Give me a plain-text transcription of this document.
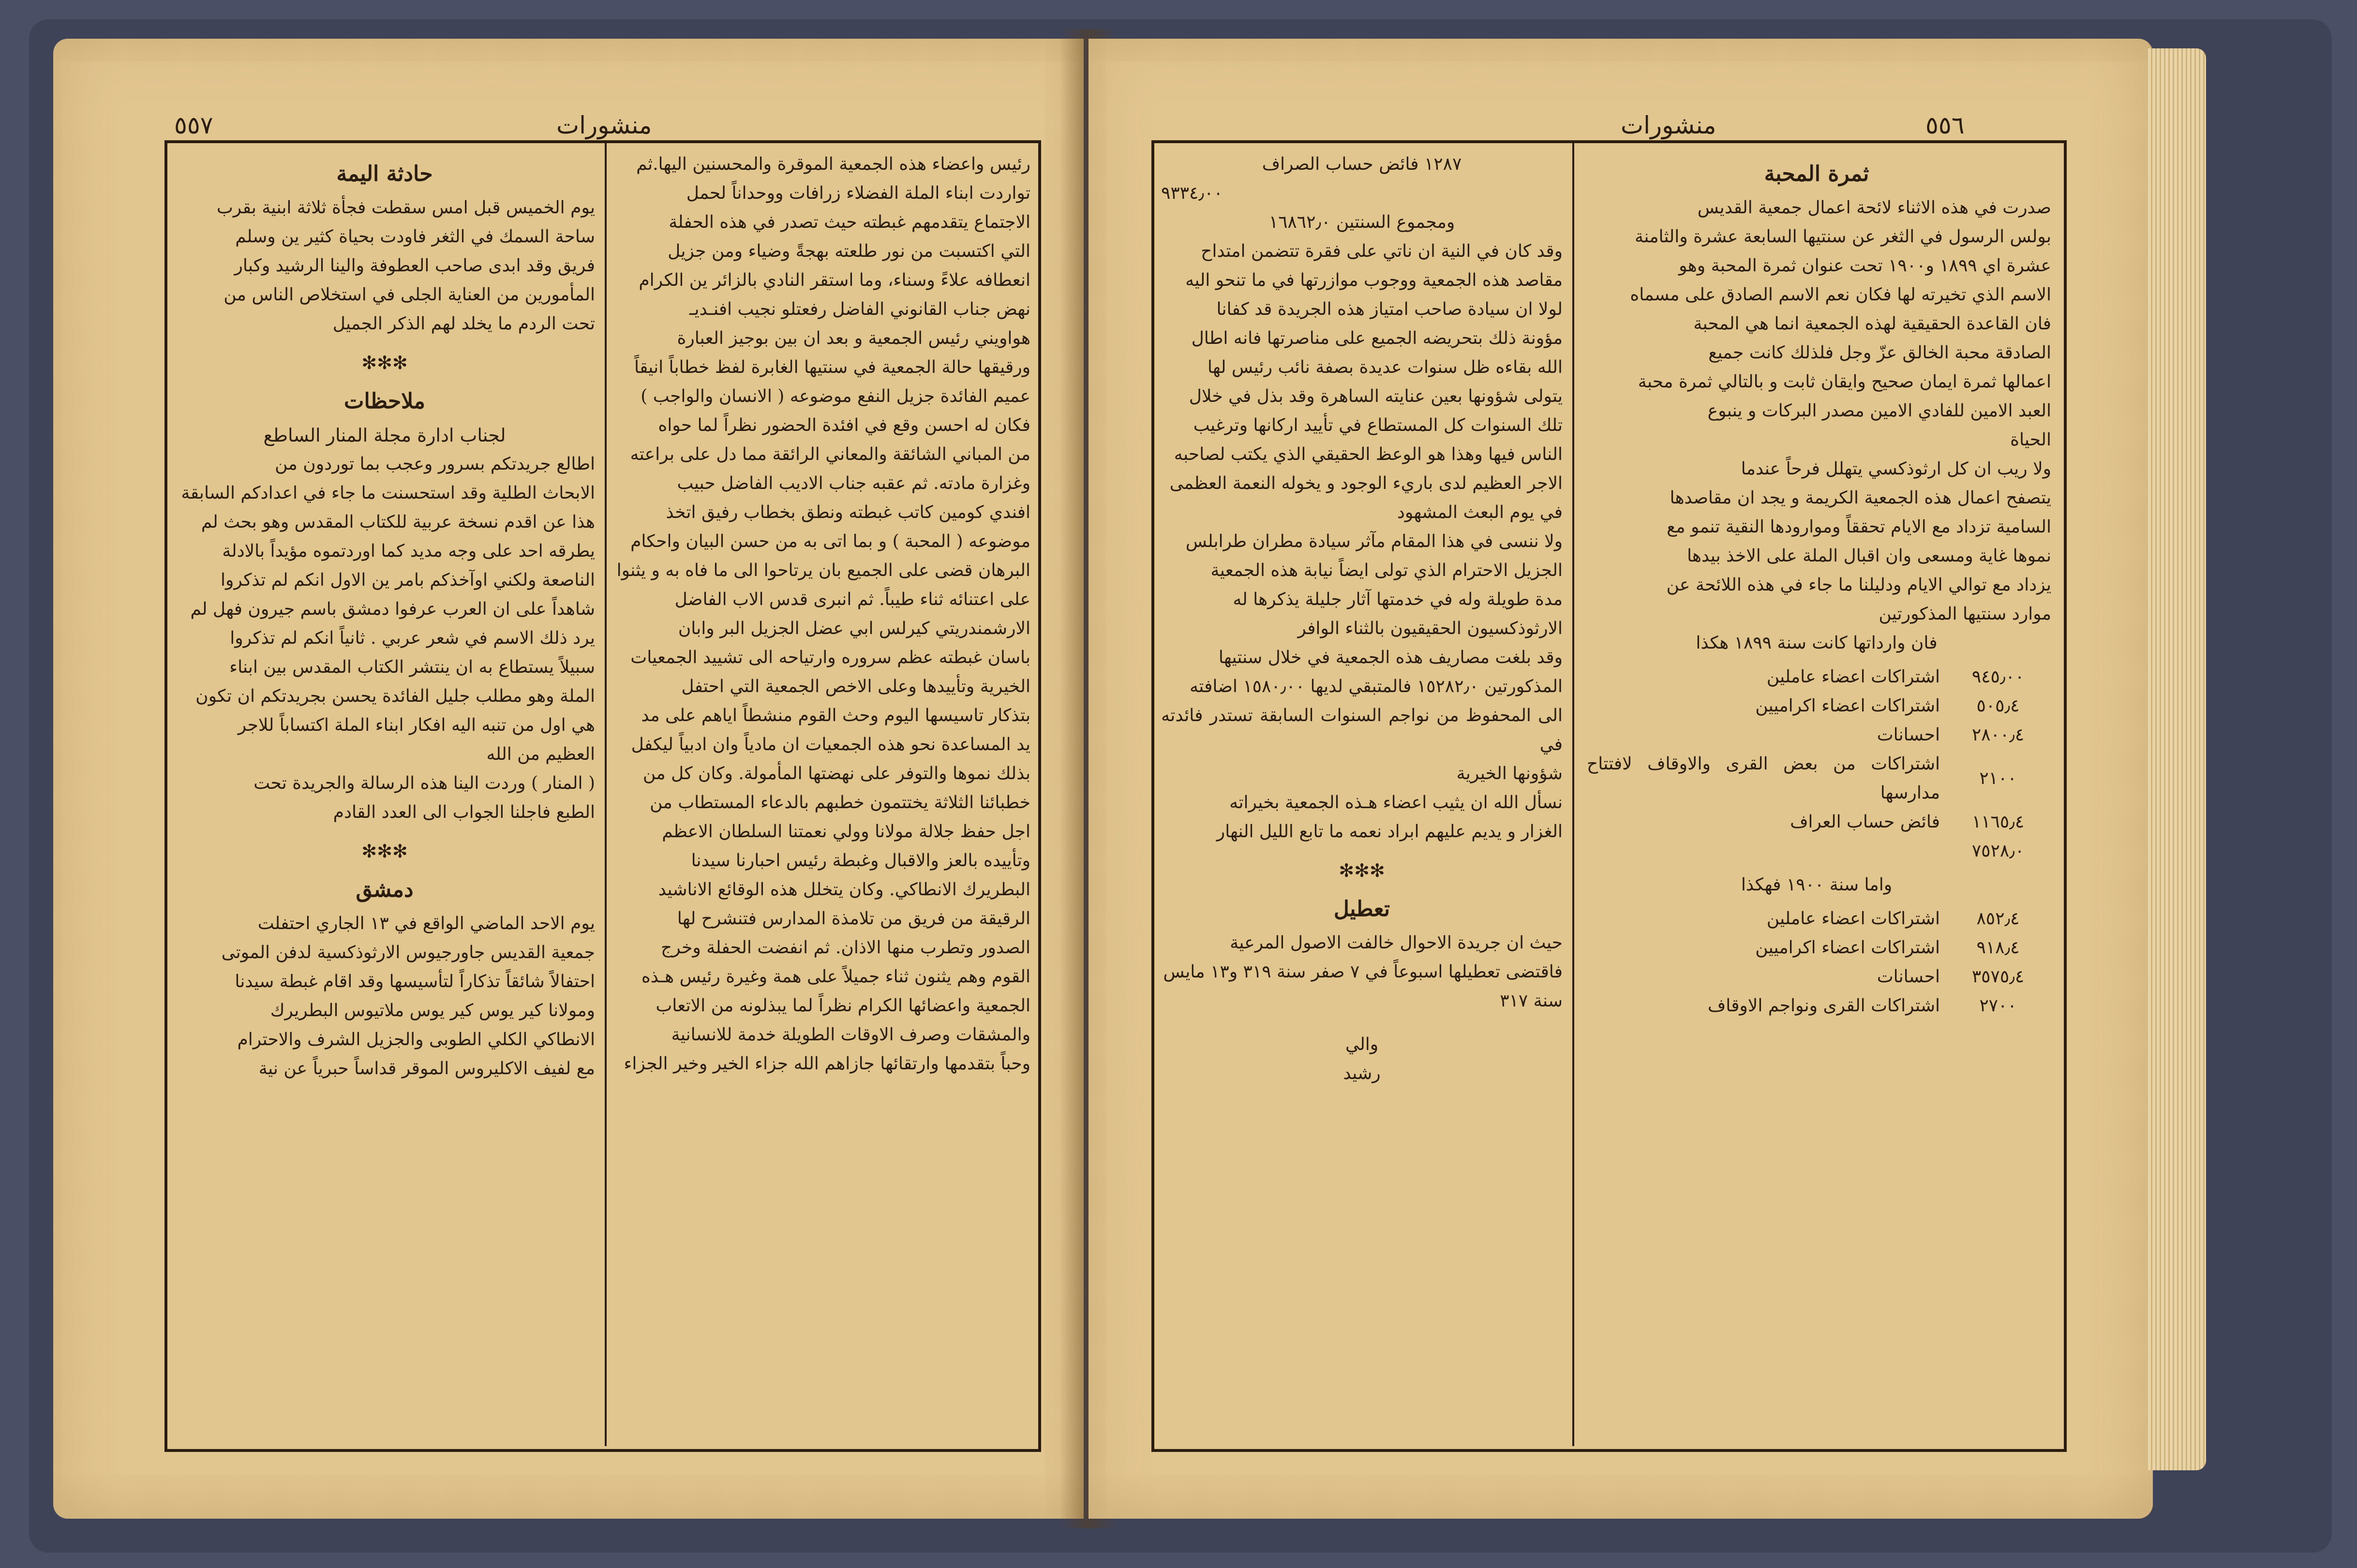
٥٥٧	منشورات

رئيس واعضاء هذه الجمعية الموقرة والمحسنين اليها.ثم

تواردت ابناء الملة الفضلاء زرافات ووحداناً لحمل

الاجتماع يتقدمهم غبطته حيث تصدر في هذه الحفلة

التي اكتسبت من نور طلعته بهجةً وضياء ومن جزيل

انعطافه علاءً وسناء، وما استقر النادي بالزائر ين الكرام

نهض جناب القانوني الفاضل رفعتلو نجيب افنـديـ

هواويني رئيس الجمعية و بعد ان بين بوجيز العبارة

ورقيقها حالة الجمعية في سنتيها الغابرة لفظ خطاباً انيقاً

عميم الفائدة جزيل النفع موضوعه ( الانسان والواجب )

فكان له احسن وقع في افئدة الحضور نظراً لما حواه

من المباني الشائقة والمعاني الرائقة مما دل على براعته

وغزارة مادته. ثم عقبه جناب الاديب الفاضل حبيب

افندي كومين كاتب غبطته ونطق بخطاب رفيق اتخذ

موضوعه ( المحبة ) و بما اتى به من حسن البيان واحكام

البرهان قضى على الجميع بان يرتاحوا الى ما فاه به و يثنوا

على اعتنائه ثناء طيباً. ثم انبرى قدس الاب الفاضل

الارشمندريتي كيرلس ابي عضل الجزيل البر وابان

باسان غبطته عظم سروره وارتياحه الى تشييد الجمعيات

الخيرية وتأييدها وعلى الاخص الجمعية التي احتفل

بتذكار تاسيسها اليوم وحث القوم منشطاً اياهم على مد

يد المساعدة نحو هذه الجمعيات ان مادياً وان ادبياً ليكفل

بذلك نموها والتوفر على نهضتها المأمولة. وكان كل من

خطبائنا الثلاثة يختتمون خطبهم بالدعاء المستطاب من

اجل حفظ جلالة مولانا وولي نعمتنا السلطان الاعظم

وتأييده بالعز والاقبال وغبطة رئيس احبارنا سيدنا

البطريرك الانطاكي. وكان يتخلل هذه الوقائع الاناشيد

الرقيقة من فريق من تلامذة المدارس فتنشرح لها

الصدور وتطرب منها الاذان. ثم انفضت الحفلة وخرج

القوم وهم يثنون ثناء جميلاً على همة وغيرة رئيس هـذه

الجمعية واعضائها الكرام نظراً لما يبذلونه من الاتعاب

والمشقات وصرف الاوقات الطويلة خدمة للانسانية

وحباً بتقدمها وارتقائها جازاهم الله جزاء الخير وخير الجزاء

حادثة اليمة

يوم الخميس قبل امس سقطت فجأة ثلاثة ابنية بقرب

ساحة السمك في الثغر فاودت بحياة كثير ين وسلم

فريق وقد ابدى صاحب العطوفة والينا الرشيد وكبار

المأمورين من العناية الجلى في استخلاص الناس من

تحت الردم ما يخلد لهم الذكر الجميل

✻✻✻
ملاحظات
لجناب ادارة مجلة المنار الساطع

اطالع جريدتكم بسرور وعجب بما توردون من

الابحاث الطلية وقد استحسنت ما جاء في اعدادكم السابقة

هذا عن اقدم نسخة عربية للكتاب المقدس وهو بحث لم

يطرقه احد على وجه مديد كما اوردتموه مؤيداً بالادلة

الناصعة ولكني اوآخذكم بامر ين الاول انكم لم تذكروا

شاهداً على ان العرب عرفوا دمشق باسم جيرون فهل لم

يرد ذلك الاسم في شعر عربي . ثانياً انكم لم تذكروا

سبيلاً يستطاع به ان ينتشر الكتاب المقدس بين ابناء

الملة وهو مطلب جليل الفائدة يحسن بجريدتكم ان تكون

هي اول من تنبه اليه افكار ابناء الملة اكتساباً للاجر

العظيم من الله

( المنار ) وردت الينا هذه الرسالة والجريدة تحت

الطبع فاجلنا الجواب الى العدد القادم

✻✻✻
دمشق

يوم الاحد الماضي الواقع في ١٣ الجاري احتفلت

جمعية القديس جاورجيوس الارثوذكسية لدفن الموتى

احتفالاً شائقاً تذكاراً لتأسيسها وقد اقام غبطة سيدنا

ومولانا كير يوس كير يوس ملاتيوس البطريرك

الانطاكي الكلي الطوبى والجزيل الشرف والاحترام

مع لفيف الاكليروس الموقر قداساً حبرياً عن نية

منشورات	٥٥٦

١٢٨٧ فائض حساب الصراف

٩٣٣٤٫٠٠

ومجموع السنتين ١٦٨٦٢٫٠

وقد كان في النية ان ناتي على فقرة تتضمن امتداح

مقاصد هذه الجمعية ووجوب موازرتها في ما تنحو اليه

لولا ان سيادة صاحب امتياز هذه الجريدة قد كفانا

مؤونة ذلك بتحريضه الجميع على مناصرتها فانه اطال

الله بقاءه ظل سنوات عديدة بصفة نائب رئيس لها

يتولى شؤونها بعين عنايته الساهرة وقد بذل في خلال

تلك السنوات كل المستطاع في تأييد اركانها وترغيب

الناس فيها وهذا هو الوعظ الحقيقي الذي يكتب لصاحبه

الاجر العظيم لدى باريء الوجود و يخوله النعمة العظمى

في يوم البعث المشهود

ولا ننسى في هذا المقام مآثر سيادة مطران طرابلس

الجزيل الاحترام الذي تولى ايضاً نيابة هذه الجمعية

مدة طويلة وله في خدمتها آثار جليلة يذكرها له

الارثوذكسيون الحقيقيون بالثناء الوافر

وقد بلغت مصاريف هذه الجمعية في خلال سنتيها

المذكورتين ١٥٢٨٢٫٠ فالمتبقي لديها ١٥٨٠٫٠٠ اضافته

الى المحفوظ من نواجم السنوات السابقة تستدر فائدته في

شؤونها الخيرية

نسأل الله ان يثيب اعضاء هـذه الجمعية بخيراته

الغزار و يديم عليهم ابراد نعمه ما تابع الليل النهار

✻✻✻
تعطيل

حيث ان جريدة الاحوال خالفت الاصول المرعية

فاقتضى تعطيلها اسبوعاً في ٧ صفر سنة ٣١٩ و١٣ مايس

سنة ٣١٧

والي
رشيد
ثمرة المحبة

صدرت في هذه الاثناء لائحة اعمال جمعية القديس

بولس الرسول في الثغر عن سنتيها السابعة عشرة والثامنة

عشرة اي ١٨٩٩ و١٩٠٠ تحت عنوان ثمرة المحبة وهو

الاسم الذي تخيرته لها فكان نعم الاسم الصادق على مسماه

فان القاعدة الحقيقية لهذه الجمعية انما هي المحبة

الصادقة محبة الخالق عزّ وجل فلذلك كانت جميع

اعمالها ثمرة ايمان صحيح وايقان ثابت و بالتالي ثمرة محبة

العبد الامين للفادي الامين مصدر البركات و ينبوع

الحياة

ولا ريب ان كل ارثوذكسي يتهلل فرحاً عندما

يتصفح اعمال هذه الجمعية الكريمة و يجد ان مقاصدها

السامية تزداد مع الايام تحققاً وموارودها النقية تنمو مع

نموها غاية ومسعى وان اقبال الملة على الاخذ بيدها

يزداد مع توالي الايام ودليلنا ما جاء في هذه اللائحة عن

موارد سنتيها المذكورتين

فان وارداتها كانت سنة ١٨٩٩ هكذا

٩٤٥٫٠٠	اشتراكات اعضاء عاملين
٥٠٥٫٤	اشتراكات اعضاء اكراميين
٢٨٠٠٫٤	احسانات
٢١٠٠	اشتراكات من بعض القرى والاوقاف لافتتاح مدارسها
١١٦٥٫٤	فائض حساب العراف
٧٥٢٨٫٠	

واما سنة ١٩٠٠ فهكذا

٨٥٢٫٤	اشتراكات اعضاء عاملين
٩١٨٫٤	اشتراكات اعضاء اكراميين
٣٥٧٥٫٤	احسانات
٢٧٠٠	اشتراكات القرى ونواجم الاوقاف
